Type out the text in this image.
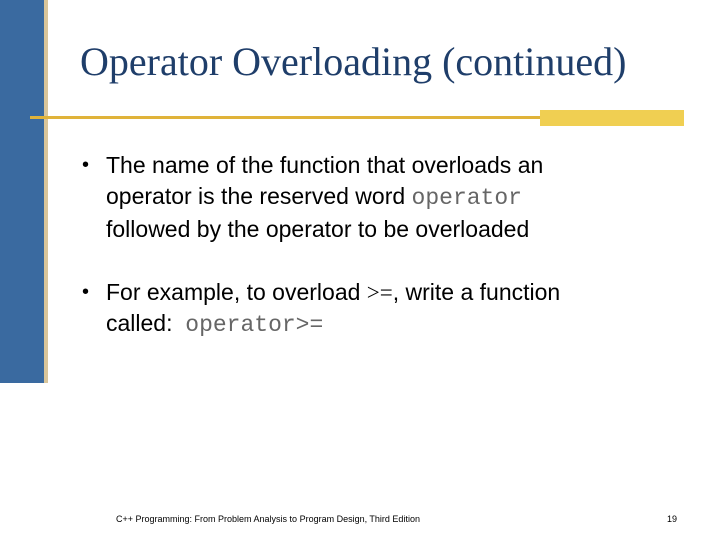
Operator Overloading (continued)
• The name of the function that overloads an
operator is the reserved word operator
followed by the operator to be overloaded
• For example, to overload >=, write a function
called:  operator>=
C++ Programming: From Problem Analysis to Program Design, Third Edition	19
